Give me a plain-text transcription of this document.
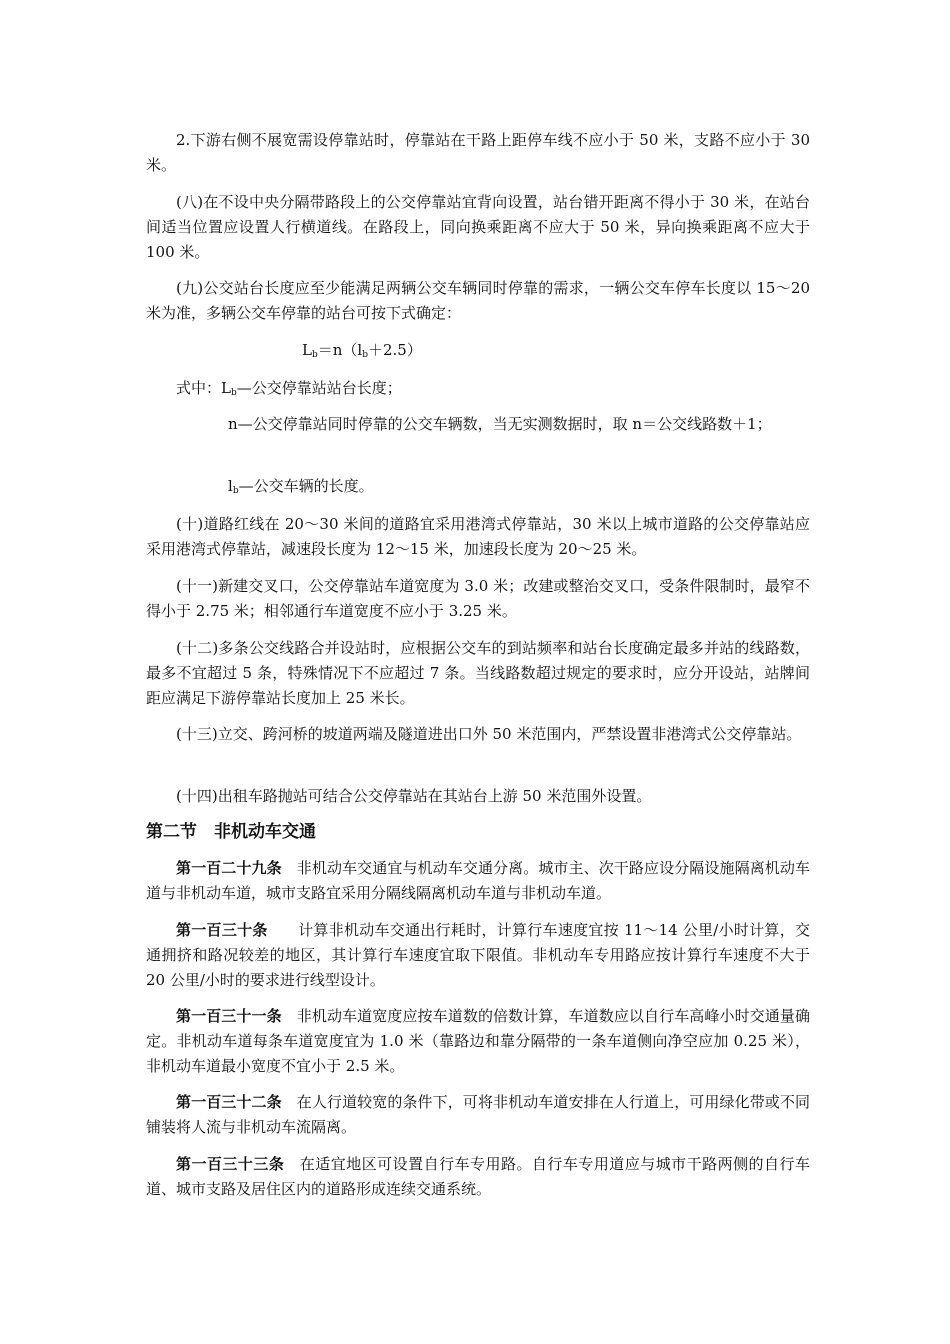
2.下游右侧不展宽需设停靠站时，停靠站在干路上距停车线不应小于 50 米，支路不应小于 30 米。

(八)在不设中央分隔带路段上的公交停靠站宜背向设置，站台错开距离不得小于 30 米，在站台间适当位置应设置人行横道线。在路段上，同向换乘距离不应大于 50 米，异向换乘距离不应大于 100 米。

(九)公交站台长度应至少能满足两辆公交车辆同时停靠的需求，一辆公交车停车长度以 15～20 米为准，多辆公交车停靠的站台可按下式确定：

$L_b=n(l_b+2.5)$

式中：$L_b—$公交停靠站站台长度；

n—公交停靠站同时停靠的公交车辆数，当无实测数据时，取 n＝公交线路数＋1；

$l_b—$公交车辆的长度。

(十)道路红线在 20～30 米间的道路宜采用港湾式停靠站，30 米以上城市道路的公交停靠站应采用港湾式停靠站，减速段长度为 12～15 米，加速段长度为 20～25 米。

(十一)新建交叉口，公交停靠站车道宽度为 3.0 米；改建或整治交叉口，受条件限制时，最窄不得小于 2.75 米；相邻通行车道宽度不应小于 3.25 米。

(十二)多条公交线路合并设站时，应根据公交车的到站频率和站台长度确定最多并站的线路数，最多不宜超过 5 条，特殊情况下不应超过 7 条。当线路数超过规定的要求时，应分开设站，站牌间距应满足下游停靠站长度加上 25 米长。

(十三)立交、跨河桥的坡道两端及隧道进出口外 50 米范围内，严禁设置非港湾式公交停靠站。

(十四)出租车路抛站可结合公交停靠站在其站台上游 50 米范围外设置。

第二节　非机动车交通

第一百二十九条　非机动车交通宜与机动车交通分离。城市主、次干路应设分隔设施隔离机动车道与非机动车道，城市支路宜采用分隔线隔离机动车道与非机动车道。

第一百三十条　　计算非机动车交通出行耗时，计算行车速度宜按 11～14 公里/小时计算，交通拥挤和路况较差的地区，其计算行车速度宜取下限值。非机动车专用路应按计算行车速度不大于 20 公里/小时的要求进行线型设计。

第一百三十一条　非机动车道宽度应按车道数的倍数计算，车道数应以自行车高峰小时交通量确定。非机动车道每条车道宽度宜为 1.0 米（靠路边和靠分隔带的一条车道侧向净空应加 0.25 米），非机动车道最小宽度不宜小于 2.5 米。

第一百三十二条　在人行道较宽的条件下，可将非机动车道安排在人行道上，可用绿化带或不同铺装将人流与非机动车流隔离。

第一百三十三条　在适宜地区可设置自行车专用路。自行车专用道应与城市干路两侧的自行车道、城市支路及居住区内的道路形成连续交通系统。
